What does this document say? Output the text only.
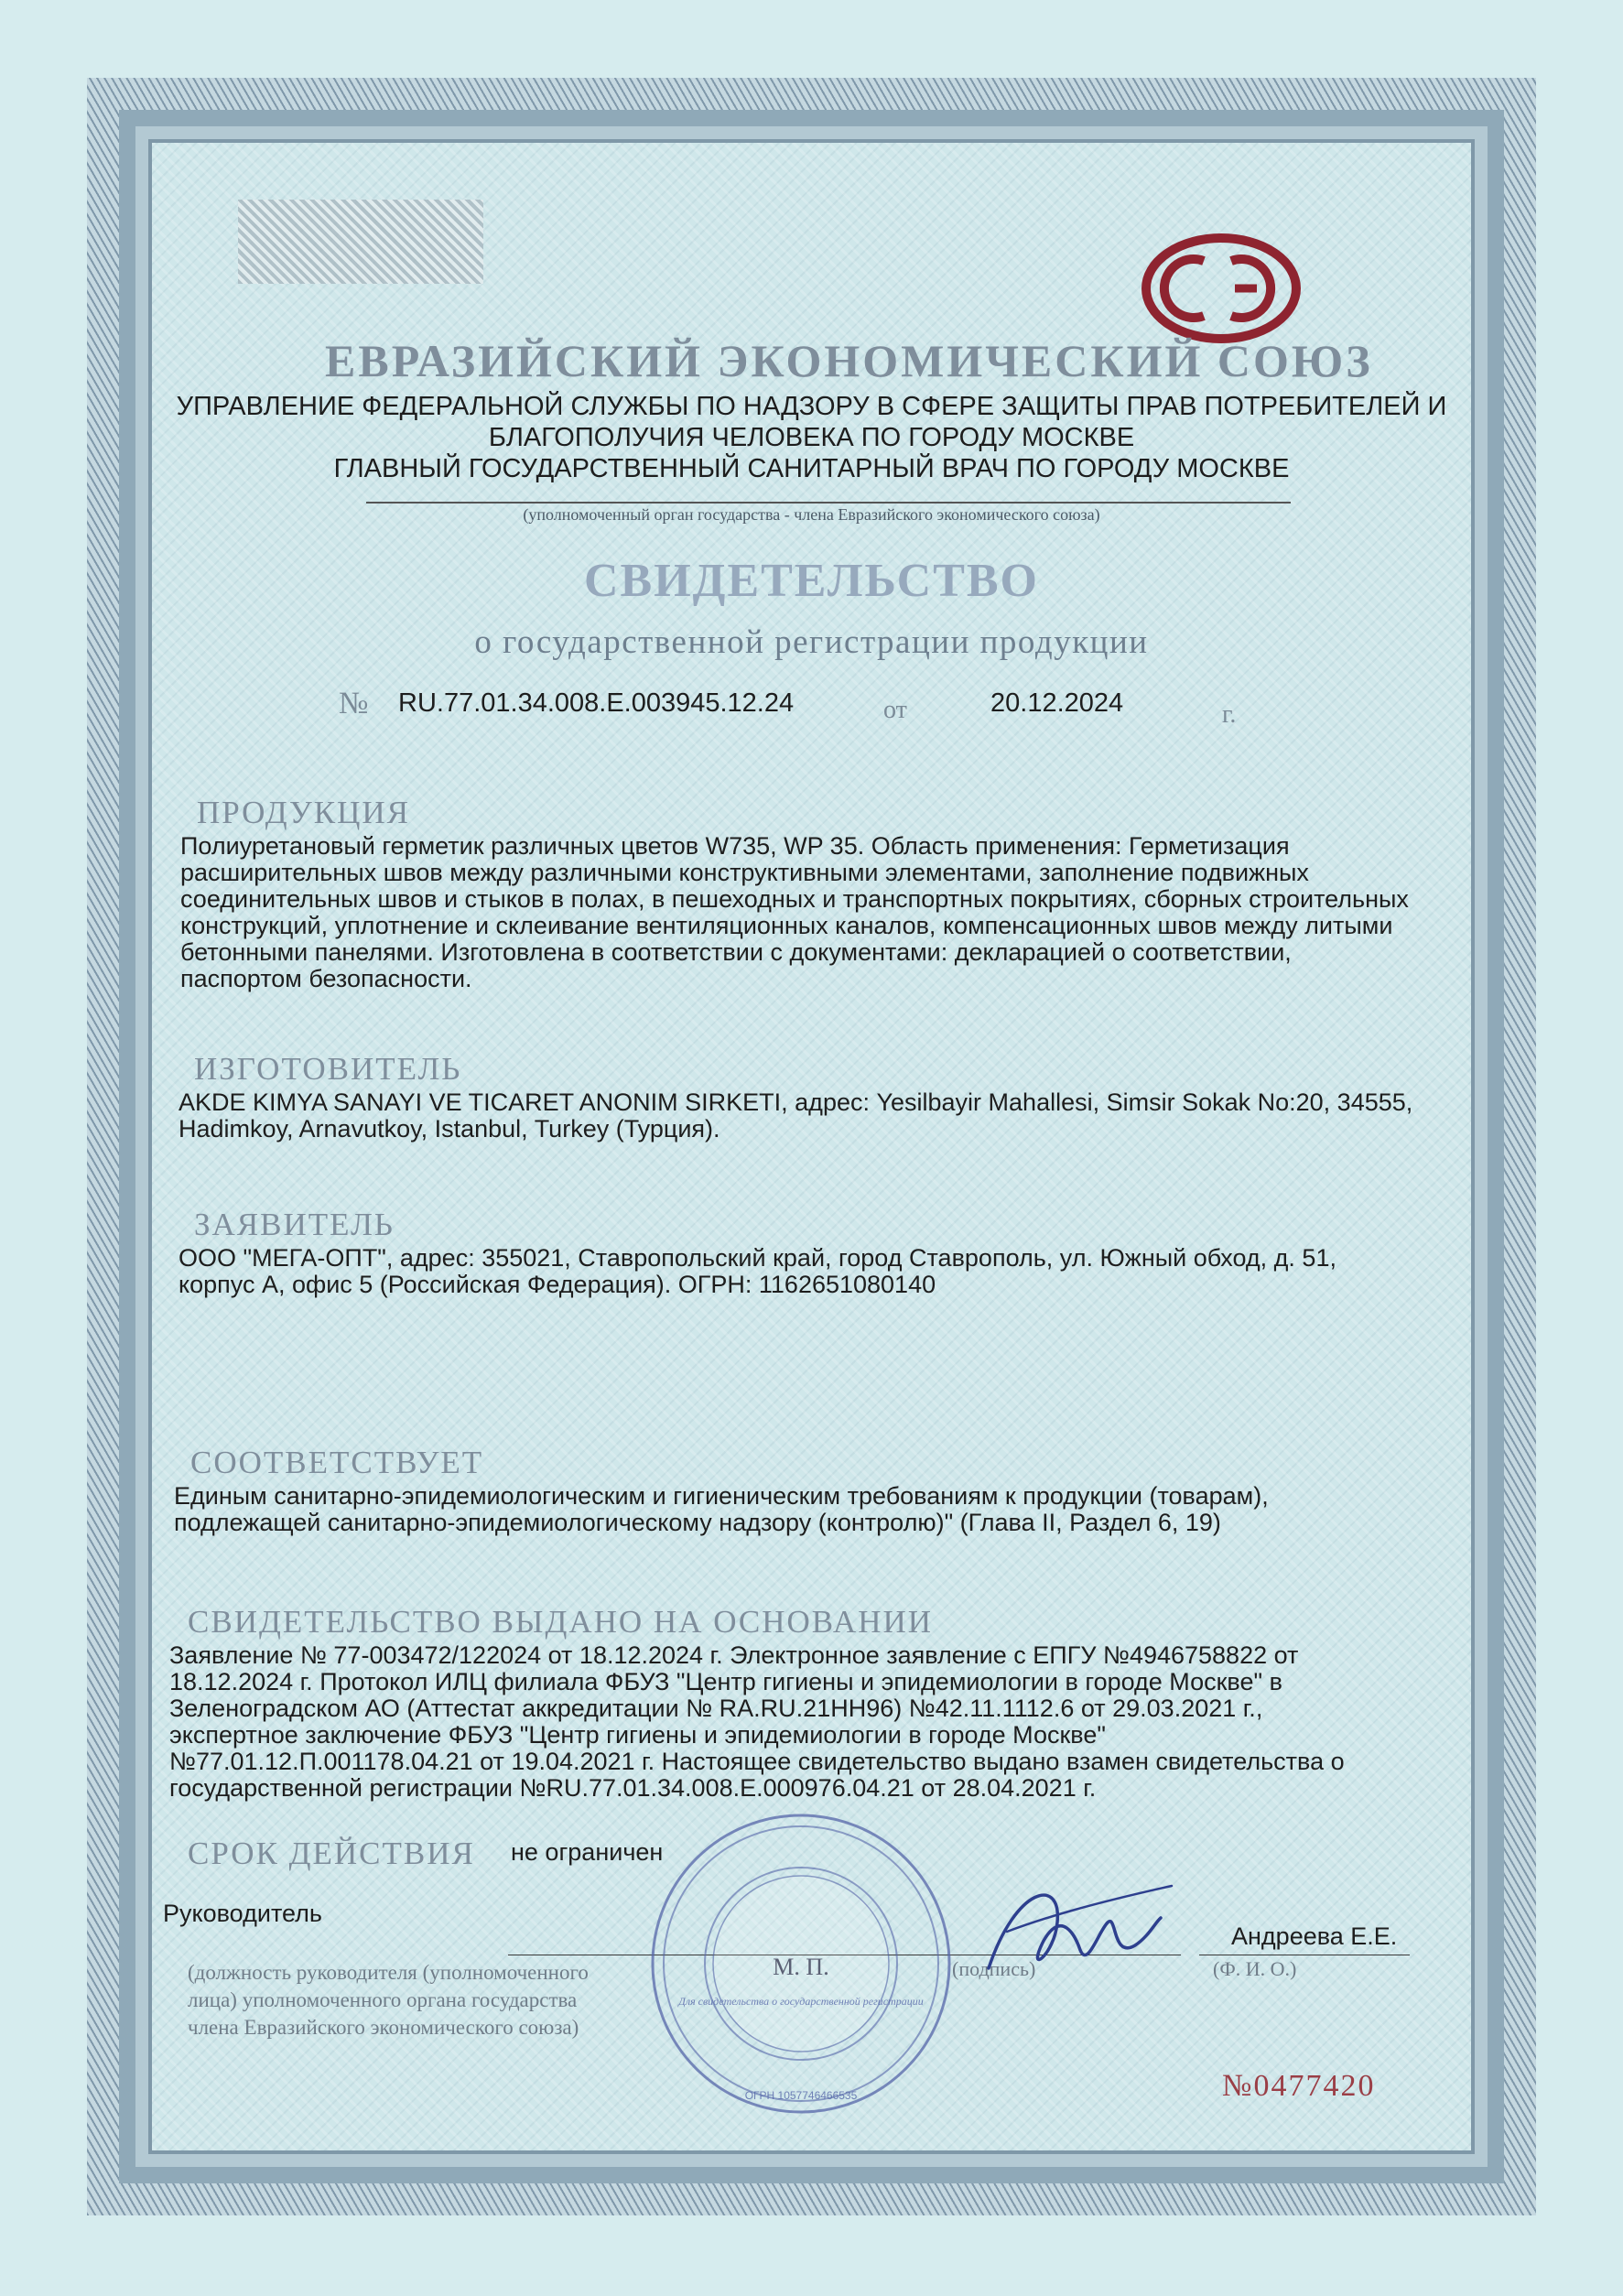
ЕВРАЗИЙСКИЙ ЭКОНОМИЧЕСКИЙ СОЮЗ
УПРАВЛЕНИЕ ФЕДЕРАЛЬНОЙ СЛУЖБЫ ПО НАДЗОРУ В СФЕРЕ ЗАЩИТЫ ПРАВ ПОТРЕБИТЕЛЕЙ И
БЛАГОПОЛУЧИЯ ЧЕЛОВЕКА ПО ГОРОДУ МОСКВЕ
ГЛАВНЫЙ ГОСУДАРСТВЕННЫЙ САНИТАРНЫЙ ВРАЧ ПО ГОРОДУ МОСКВЕ
(уполномоченный орган государства - члена Евразийского экономического союза)
СВИДЕТЕЛЬСТВО
о государственной регистрации продукции
№ RU.77.01.34.008.Е.003945.12.24	от	20.12.2024	г.
ПРОДУКЦИЯ
Полиуретановый герметик различных цветов W735, WP 35. Область применения: Герметизация расширительных швов между различными конструктивными элементами, заполнение подвижных соединительных швов и стыков в полах, в пешеходных и транспортных покрытиях, сборных строительных конструкций, уплотнение и склеивание вентиляционных каналов, компенсационных швов между литыми бетонными панелями. Изготовлена в соответствии с документами: декларацией о соответствии, паспортом безопасности.
ИЗГОТОВИТЕЛЬ
AKDE KIMYA SANAYI VE TICARET ANONIM SIRKETI, адрес: Yesilbayir Mahallesi, Simsir Sokak No:20, 34555, Hadimkoy, Arnavutkoy, Istanbul, Turkey (Турция).
ЗАЯВИТЕЛЬ
ООО "МЕГА-ОПТ", адрес: 355021, Ставропольский край, город Ставрополь, ул. Южный обход, д. 51, корпус А, офис 5 (Российская Федерация). ОГРН: 1162651080140
СООТВЕТСТВУЕТ
Единым санитарно-эпидемиологическим и гигиеническим требованиям к продукции (товарам), подлежащей санитарно-эпидемиологическому надзору (контролю)" (Глава II, Раздел 6, 19)
СВИДЕТЕЛЬСТВО ВЫДАНО НА ОСНОВАНИИ
Заявление № 77-003472/122024 от 18.12.2024 г. Электронное заявление с ЕПГУ №4946758822 от 18.12.2024 г. Протокол ИЛЦ филиала ФБУЗ "Центр гигиены и эпидемиологии в городе Москве" в Зеленоградском АО (Аттестат аккредитации № RA.RU.21НН96) №42.11.1112.6 от 29.03.2021 г., экспертное заключение ФБУЗ "Центр гигиены и эпидемиологии в городе Москве" №77.01.12.П.001178.04.21 от 19.04.2021 г. Настоящее свидетельство выдано взамен свидетельства о государственной регистрации №RU.77.01.34.008.Е.000976.04.21 от 28.04.2021 г.
СРОК ДЕЙСТВИЯ не ограничен
Руководитель
Андреева Е.Е.
(подпись)	(Ф. И. О.)
(должность руководителя (уполномоченного
лица) уполномоченного органа государства
члена Евразийского экономического союза)
ОГРН 1057746466535
М. П.
Для свидетельства о государственной регистрации
№0477420
